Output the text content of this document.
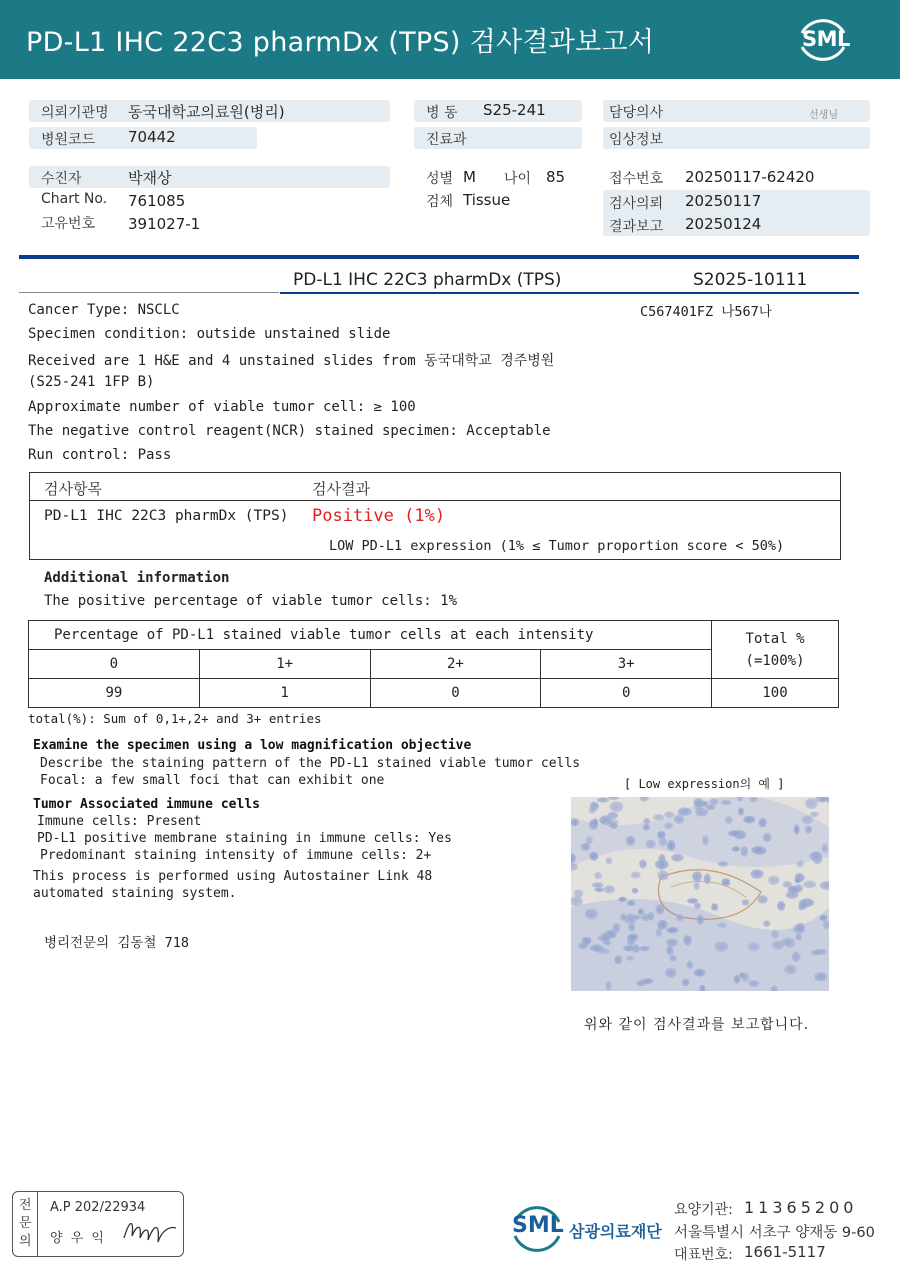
PD-L1 IHC 22C3 pharmDx (TPS) 검사결과보고서	SML
의뢰기관명 동국대학교의료원(병리)
병원코드 70442
병 동 S25-241
진료과
담당의사	선생님
임상정보
수진자	박재상
Chart No. 761085
고유번호 391027-1
성별 M 나이 85
검체 Tissue
접수번호 20250117-62420
검사의뢰 20250117
결과보고 20250124
PD-L1 IHC 22C3 pharmDx (TPS)	S2025-10111
C567401FZ 나567나
Cancer Type: NSCLC
Specimen condition: outside unstained slide
Received are 1 H&E and 4 unstained slides from 동국대학교 경주병원
(S25-241 1FP B)
Approximate number of viable tumor cell: ≥ 100
The negative control reagent(NCR) stained specimen: Acceptable
Run control: Pass
검사항목	검사결과
PD-L1 IHC 22C3 pharmDx (TPS) Positive (1%)
LOW PD-L1 expression (1% ≤ Tumor proportion score < 50%)
Additional information
The positive percentage of viable tumor cells: 1%
Percentage of PD-L1 stained viable tumor cells at each intensity				Total %
(=100%)
0	1+	2+	3+	
99	1	0	0	100
total(%): Sum of 0,1+,2+ and 3+ entries
Examine the specimen using a low magnification objective
Describe the staining pattern of the PD-L1 stained viable tumor cells
Focal: a few small foci that can exhibit one	[ Low expression의 예 ]
Tumor Associated immune cells
Immune cells: Present
PD-L1 positive membrane staining in immune cells: Yes
Predominant staining intensity of immune cells: 2+
This process is performed using Autostainer Link 48
automated staining system.
병리전문의 김동철 718
위와 같이 검사결과를 보고합니다.
전
문
의
A.P 202/22934
양 우 익
SML 삼광의료재단
요양기관: 11365200
서울특별시 서초구 양재동 9-60
대표번호: 1661-5117
